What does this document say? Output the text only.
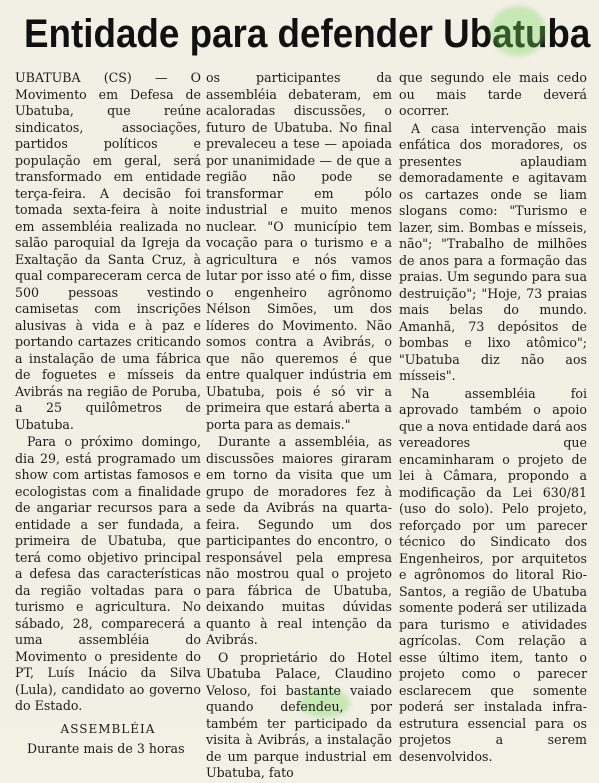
Entidade para defender Ubatuba

UBATUBA (CS) — O Movimento em Defesa de Ubatuba, que reúne sindicatos, associações, partidos políticos e população em geral, será transformado em entidade terça-feira. A decisão foi tomada sexta-feira à noite em assembléia realizada no salão paroquial da Igreja da Exaltação da Santa Cruz, à qual compareceram cerca de 500 pessoas vestindo camisetas com inscrições alusivas à vida e à paz e portando cartazes criticando a instalação de uma fábrica de foguetes e mísseis da Avibrás na região de Poruba, a 25 quilômetros de Ubatuba.

Para o próximo domingo, dia 29, está programado um show com artistas famosos e ecologistas com a finalidade de angariar recursos para a entidade a ser fundada, a primeira de Ubatuba, que terá como objetivo principal a defesa das características da região voltadas para o turismo e agricultura. No sábado, 28, comparecerá a uma assembléia do Movimento o presidente do PT, Luís Inácio da Silva (Lula), candidato ao governo do Estado.

ASSEMBLÉIA

Durante mais de 3 horas

os participantes da assembléia debateram, em acaloradas discussões, o futuro de Ubatuba. No final prevaleceu a tese — apoiada por unanimidade — de que a região não pode se transformar em pólo industrial e muito menos nuclear. "O município tem vocação para o turismo e a agricultura e nós vamos lutar por isso até o fim, disse o engenheiro agrônomo Nélson Simões, um dos líderes do Movimento. Não somos contra a Avibrás, o que não queremos é que entre qualquer indústria em Ubatuba, pois é só vir a primeira que estará aberta a porta para as demais."

Durante a assembléia, as discussões maiores giraram em torno da visita que um grupo de moradores fez à sede da Avibrás na quarta-feira. Segundo um dos participantes do encontro, o responsável pela empresa não mostrou qual o projeto para fábrica de Ubatuba, deixando muitas dúvidas quanto à real intenção da Avibrás.

O proprietário do Hotel Ubatuba Palace, Claudino Veloso, foi bastante vaiado quando defendeu, por também ter participado da visita à Avibrás, a instalação de um parque industrial em Ubatuba, fato

que segundo ele mais cedo ou mais tarde deverá ocorrer.

A casa intervenção mais enfática dos moradores, os presentes aplaudiam demoradamente e agitavam os cartazes onde se liam slogans como: "Turismo e lazer, sim. Bombas e mísseis, não"; "Trabalho de milhões de anos para a formação das praias. Um segundo para sua destruição"; "Hoje, 73 praias mais belas do mundo. Amanhã, 73 depósitos de bombas e lixo atômico"; "Ubatuba diz não aos mísseis".

Na assembléia foi aprovado também o apoio que a nova entidade dará aos vereadores que encaminharam o projeto de lei à Câmara, propondo a modificação da Lei 630/81 (uso do solo). Pelo projeto, reforçado por um parecer técnico do Sindicato dos Engenheiros, por arquitetos e agrônomos do litoral Rio-Santos, a região de Ubatuba somente poderá ser utilizada para turismo e atividades agrícolas. Com relação a esse último item, tanto o projeto como o parecer esclarecem que somente poderá ser instalada infra-estrutura essencial para os projetos a serem desenvolvidos.
